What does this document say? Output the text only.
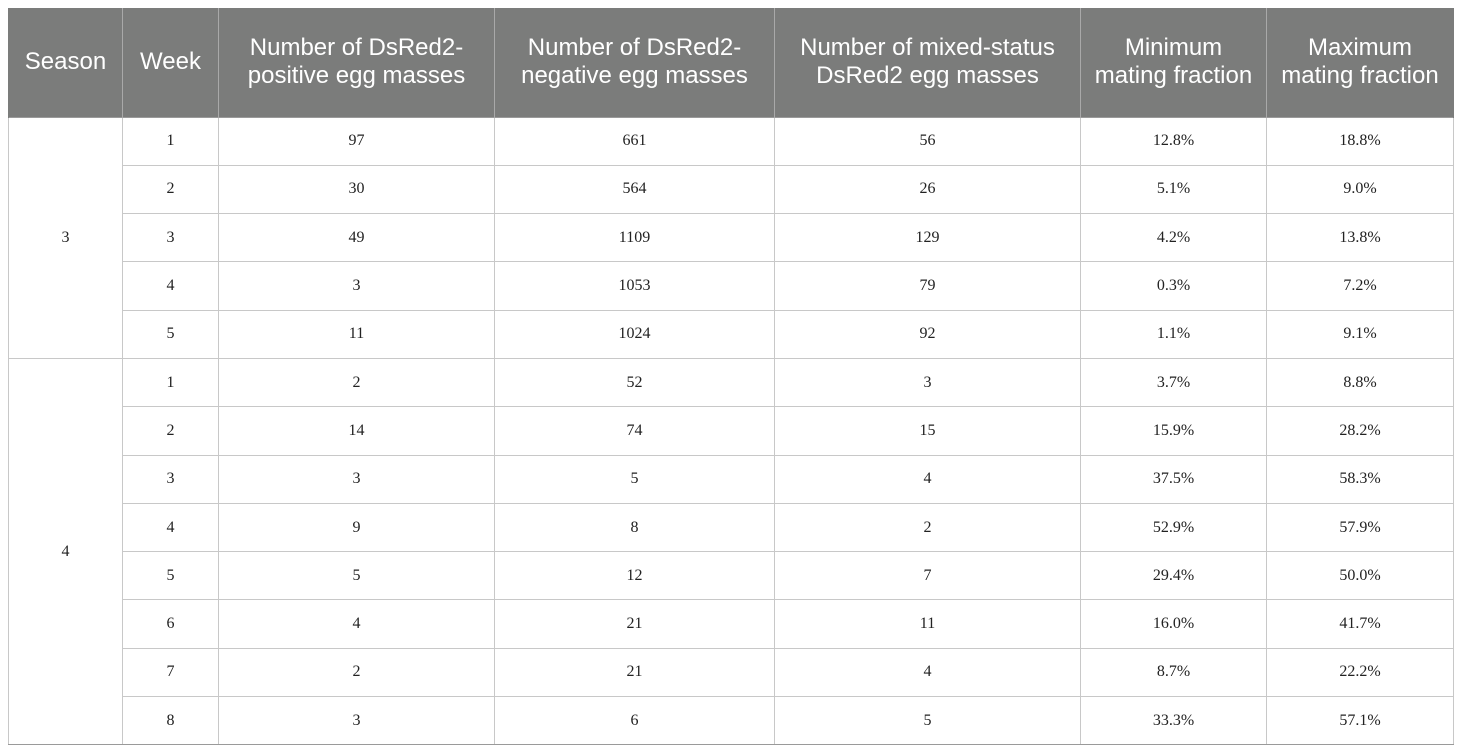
Season	Week	Number of DsRed2-positive egg masses	Number of DsRed2-negative egg masses	Number of mixed-status DsRed2 egg masses	Minimum mating fraction	Maximum mating fraction
3	1	97	661	56	12.8%	18.8%
	2	30	564	26	5.1%	9.0%
	3	49	1109	129	4.2%	13.8%
	4	3	1053	79	0.3%	7.2%
	5	11	1024	92	1.1%	9.1%
4	1	2	52	3	3.7%	8.8%
	2	14	74	15	15.9%	28.2%
	3	3	5	4	37.5%	58.3%
	4	9	8	2	52.9%	57.9%
	5	5	12	7	29.4%	50.0%
	6	4	21	11	16.0%	41.7%
	7	2	21	4	8.7%	22.2%
	8	3	6	5	33.3%	57.1%
